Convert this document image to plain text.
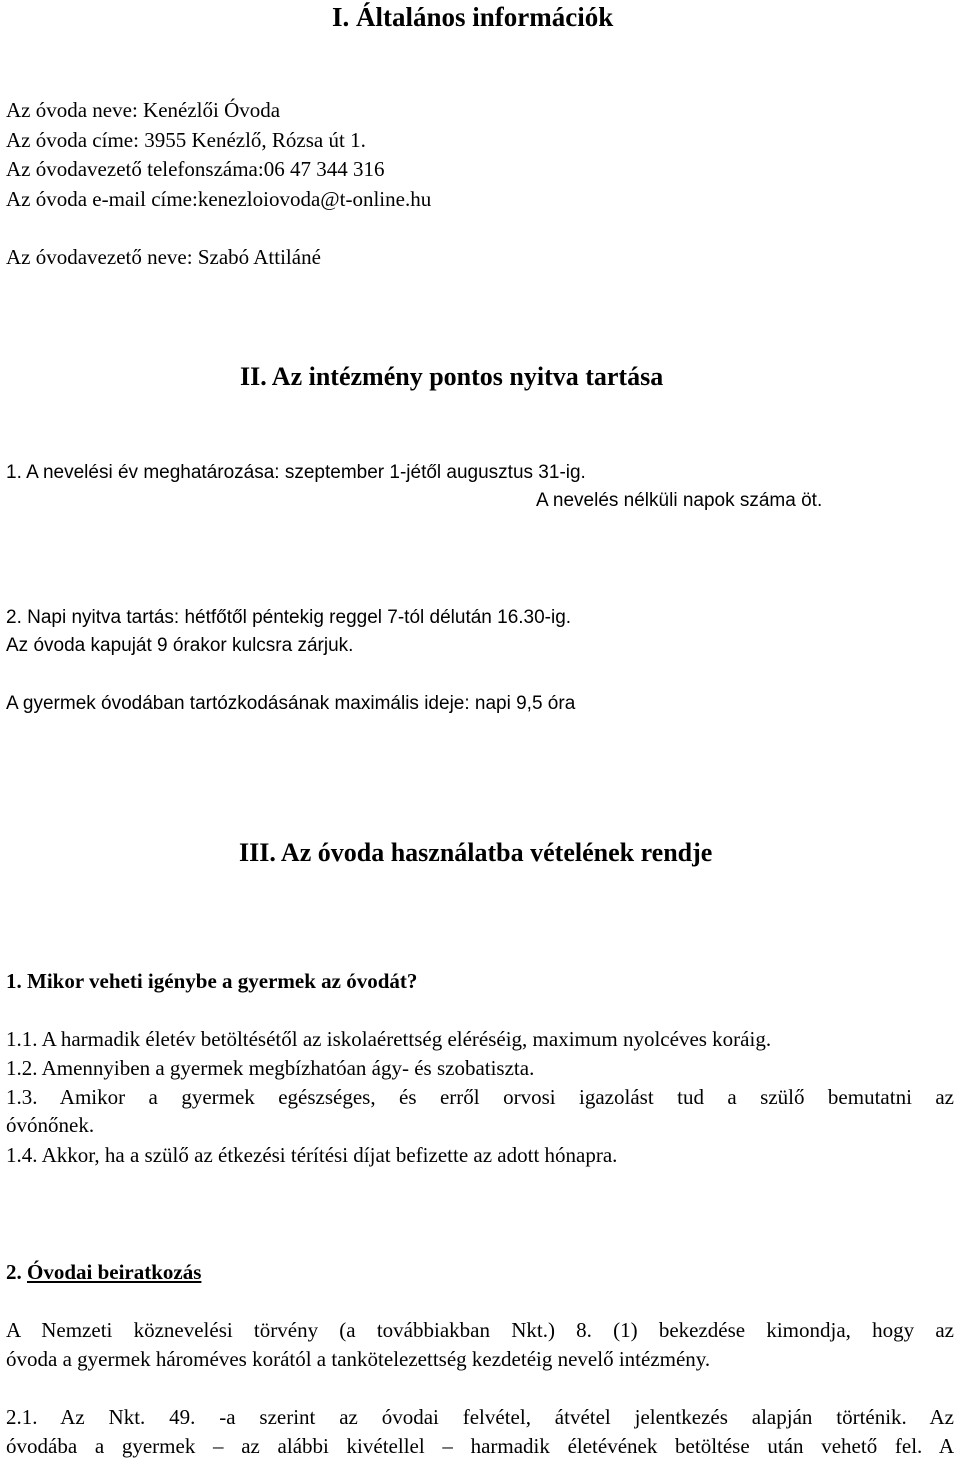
I. Általános információk
Az óvoda neve: Kenézlői Óvoda
Az óvoda címe: 3955 Kenézlő, Rózsa út 1.
Az óvodavezető telefonszáma:06 47 344 316
Az óvoda e-mail címe:kenezloiovoda@t-online.hu
Az óvodavezető neve: Szabó Attiláné
II. Az intézmény pontos nyitva tartása
1. A nevelési év meghatározása: szeptember 1-jétől augusztus 31-ig.
A nevelés nélküli napok száma öt.
2. Napi nyitva tartás: hétfőtől péntekig reggel 7-tól délután 16.30-ig.
Az óvoda kapuját 9 órakor kulcsra zárjuk.
A gyermek óvodában tartózkodásának maximális ideje: napi 9,5 óra
III. Az óvoda használatba vételének rendje
1. Mikor veheti igénybe a gyermek az óvodát?
1.1. A harmadik életév betöltésétől az iskolaérettség eléréséig, maximum nyolcéves koráig.
1.2. Amennyiben a gyermek megbízhatóan ágy- és szobatiszta.
1.3. Amikor a gyermek egészséges, és erről orvosi igazolást tud a szülő bemutatni az
óvónőnek.
1.4. Akkor, ha a szülő az étkezési térítési díjat befizette az adott hónapra.
2. Óvodai beiratkozás
A Nemzeti köznevelési törvény (a továbbiakban Nkt.) 8. (1) bekezdése kimondja, hogy az
óvoda a gyermek hároméves korától a tankötelezettség kezdetéig nevelő intézmény.
2.1. Az Nkt. 49. -a szerint az óvodai felvétel, átvétel jelentkezés alapján történik. Az
óvodába a gyermek – az alábbi kivétellel – harmadik életévének betöltése után vehető fel. A
